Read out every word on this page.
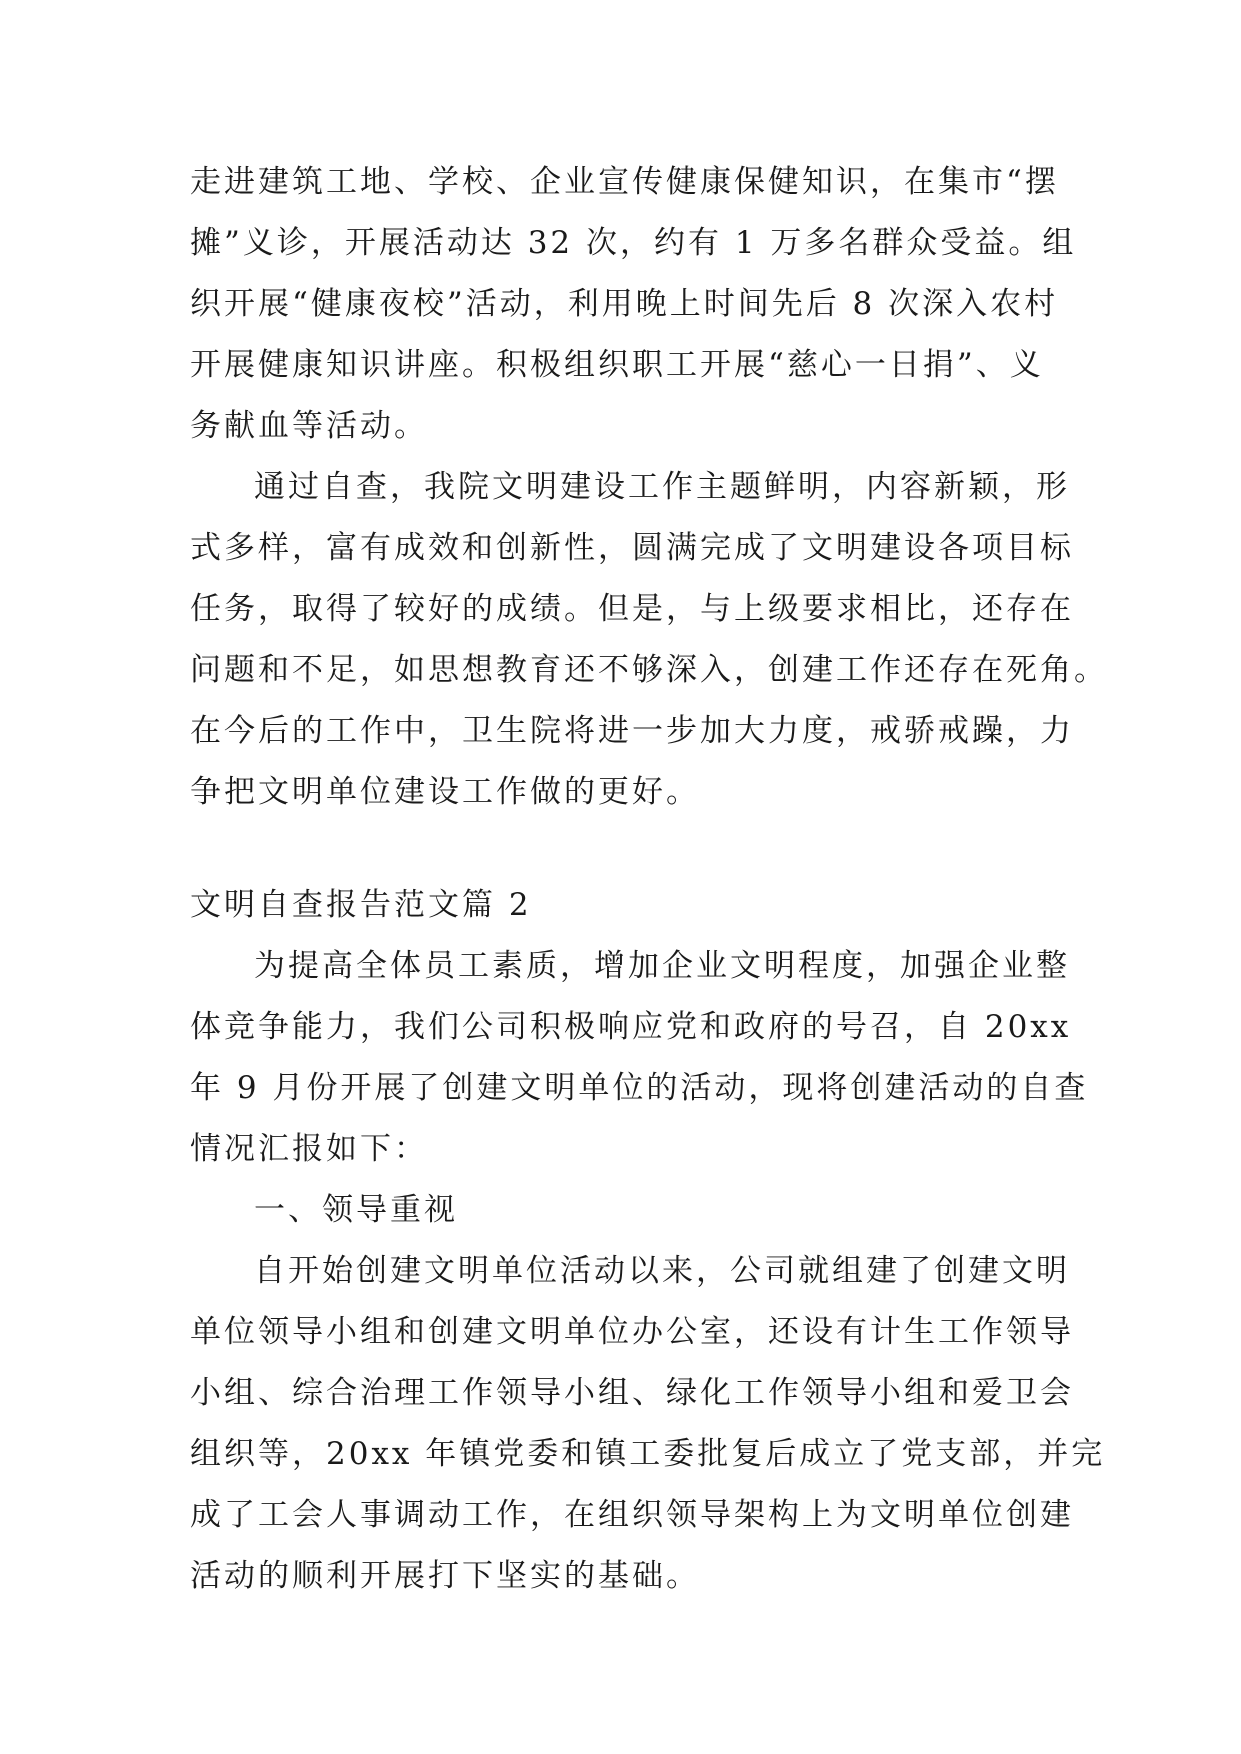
走进建筑工地、学校、企业宣传健康保健知识，在集市“摆
摊”义诊，开展活动达 32 次，约有 1 万多名群众受益。组
织开展“健康夜校”活动，利用晚上时间先后 8 次深入农村
开展健康知识讲座。积极组织职工开展“慈心一日捐”、义
务献血等活动。
通过自查，我院文明建设工作主题鲜明，内容新颖，形
式多样，富有成效和创新性，圆满完成了文明建设各项目标
任务，取得了较好的成绩。但是，与上级要求相比，还存在
问题和不足，如思想教育还不够深入，创建工作还存在死角。
在今后的工作中，卫生院将进一步加大力度，戒骄戒躁，力
争把文明单位建设工作做的更好。
文明自查报告范文篇 2
为提高全体员工素质，增加企业文明程度，加强企业整
体竞争能力，我们公司积极响应党和政府的号召，自 20xx
年 9 月份开展了创建文明单位的活动，现将创建活动的自查
情况汇报如下：
一、领导重视
自开始创建文明单位活动以来，公司就组建了创建文明
单位领导小组和创建文明单位办公室，还设有计生工作领导
小组、综合治理工作领导小组、绿化工作领导小组和爱卫会
组织等，20xx 年镇党委和镇工委批复后成立了党支部，并完
成了工会人事调动工作，在组织领导架构上为文明单位创建
活动的顺利开展打下坚实的基础。
